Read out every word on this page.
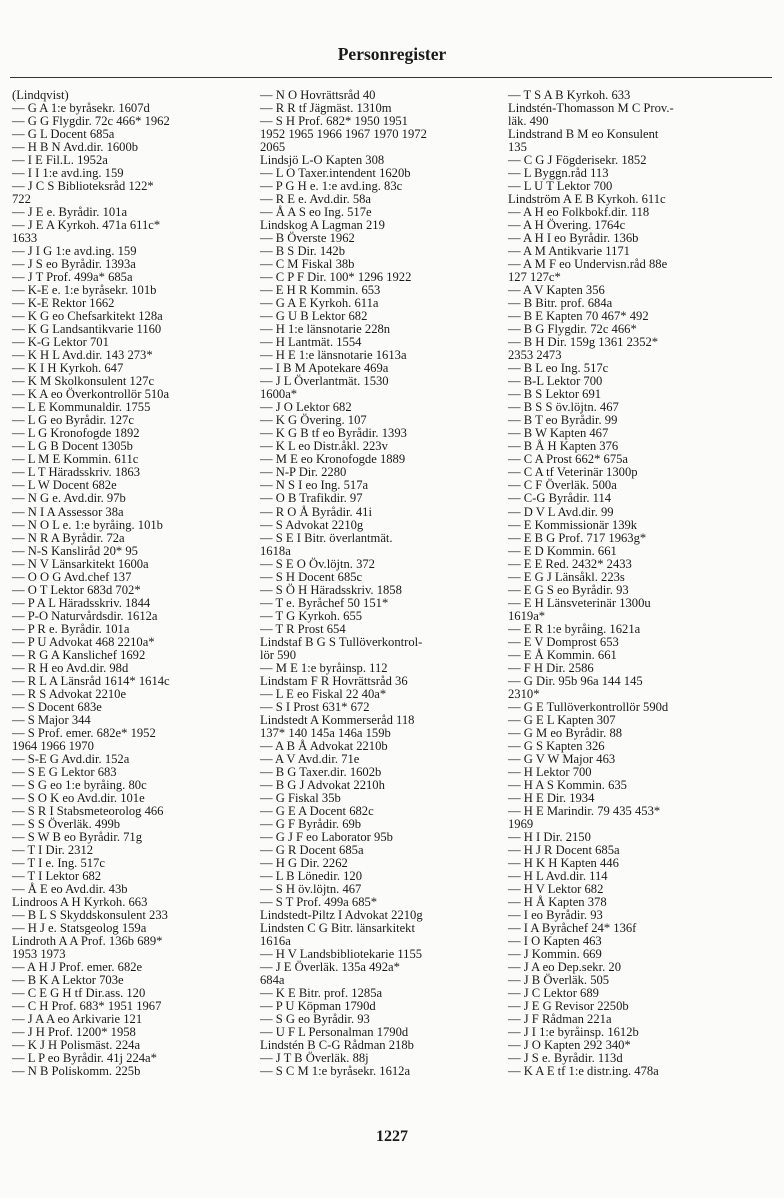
Personregister
(Lindqvist)
— G A 1:e byråsekr. 1607d
— G G Flygdir. 72c 466* 1962
— G L Docent 685a
— H B N Avd.dir. 1600b
— I E Fil.L. 1952a
— I I 1:e avd.ing. 159
— J C S Biblioteksråd 122*
722
— J E e. Byrådir. 101a
— J E A Kyrkoh. 471a 611c*
1633
— J I G 1:e avd.ing. 159
— J S eo Byrådir. 1393a
— J T Prof. 499a* 685a
— K-E e. 1:e byråsekr. 101b
— K-E Rektor 1662
— K G eo Chefsarkitekt 128a
— K G Landsantikvarie 1160
— K-G Lektor 701
— K H L Avd.dir. 143 273*
— K I H Kyrkoh. 647
— K M Skolkonsulent 127c
— K A eo Överkontrollör 510a
— L E Kommunaldir. 1755
— L G eo Byrådir. 127c
— L G Kronofogde 1892
— L G B Docent 1305b
— L M E Kommin. 611c
— L T Häradsskriv. 1863
— L W Docent 682e
— N G e. Avd.dir. 97b
— N I A Assessor 38a
— N O L e. 1:e byråing. 101b
— N R A Byrådir. 72a
— N-S Kansliråd 20* 95
— N V Länsarkitekt 1600a
— O O G Avd.chef 137
— O T Lektor 683d 702*
— P A L Häradsskriv. 1844
— P-O Naturvårdsdir. 1612a
— P R e. Byrådir. 101a
— P U Advokat 468 2210a*
— R G A Kanslichef 1692
— R H eo Avd.dir. 98d
— R L A Länsråd 1614* 1614c
— R S Advokat 2210e
— S Docent 683e
— S Major 344
— S Prof. emer. 682e* 1952
1964 1966 1970
— S-E G Avd.dir. 152a
— S E G Lektor 683
— S G eo 1:e byråing. 80c
— S O K eo Avd.dir. 101e
— S R I Stabsmeteorolog 466
— S S Överläk. 499b
— S W B eo Byrådir. 71g
— T I Dir. 2312
— T I e. Ing. 517c
— T I Lektor 682
— Å E eo Avd.dir. 43b
Lindroos A H Kyrkoh. 663
— B L S Skyddskonsulent 233
— H J e. Statsgeolog 159a
Lindroth A A Prof. 136b 689*
1953 1973
— A H J Prof. emer. 682e
— B K A Lektor 703e
— C E G H tf Dir.ass. 120
— C H Prof. 683* 1951 1967
— J A A eo Arkivarie 121
— J H Prof. 1200* 1958
— K J H Polismäst. 224a
— L P eo Byrådir. 41j 224a*
— N B Poliskomm. 225b
— N O Hovrättsråd 40
— R R tf Jägmäst. 1310m
— S H Prof. 682* 1950 1951
1952 1965 1966 1967 1970 1972
2065
Lindsjö L-O Kapten 308
— L O Taxer.intendent 1620b
— P G H e. 1:e avd.ing. 83c
— R E e. Avd.dir. 58a
— Å A S eo Ing. 517e
Lindskog A Lagman 219
— B Överste 1962
— B S Dir. 142b
— C M Fiskal 38b
— C P F Dir. 100* 1296 1922
— E H R Kommin. 653
— G A E Kyrkoh. 611a
— G U B Lektor 682
— H 1:e länsnotarie 228n
— H Lantmät. 1554
— H E 1:e länsnotarie 1613a
— I B M Apotekare 469a
— J L Överlantmät. 1530
1600a*
— J O Lektor 682
— K G Övering. 107
— K G B tf eo Byrådir. 1393
— K L eo Distr.åkl. 223v
— M E eo Kronofogde 1889
— N-P Dir. 2280
— N S I eo Ing. 517a
— O B Trafikdir. 97
— R O Å Byrådir. 41i
— S Advokat 2210g
— S E I Bitr. överlantmät.
1618a
— S E O Öv.löjtn. 372
— S H Docent 685c
— S Ö H Häradsskriv. 1858
— T e. Byråchef 50 151*
— T G Kyrkoh. 655
— T R Prost 654
Lindstaf B G S Tullöverkontrol-
lör 590
— M E 1:e byråinsp. 112
Lindstam F R Hovrättsråd 36
— L E eo Fiskal 22 40a*
— S I Prost 631* 672
Lindstedt A Kommerseråd 118
137* 140 145a 146a 159b
— A B Å Advokat 2210b
— A V Avd.dir. 71e
— B G Taxer.dir. 1602b
— B G J Advokat 2210h
— G Fiskal 35b
— G E A Docent 682c
— G F Byrådir. 69b
— G J F eo Laborator 95b
— G R Docent 685a
— H G Dir. 2262
— L B Lönedir. 120
— S H öv.löjtn. 467
— S T Prof. 499a 685*
Lindstedt-Piltz I Advokat 2210g
Lindsten C G Bitr. länsarkitekt
1616a
— H V Landsbibliotekarie 1155
— J E Överläk. 135a 492a*
684a
— K E Bitr. prof. 1285a
— P U Köpman 1790d
— S G eo Byrådir. 93
— U F L Personalman 1790d
Lindstén B C-G Rådman 218b
— J T B Överläk. 88j
— S C M 1:e byråsekr. 1612a
— T S A B Kyrkoh. 633
Lindstén-Thomasson M C Prov.-
läk. 490
Lindstrand B M eo Konsulent
135
— C G J Fögderisekr. 1852
— L Byggn.råd 113
— L U T Lektor 700
Lindström A E B Kyrkoh. 611c
— A H eo Folkbokf.dir. 118
— A H Övering. 1764c
— A H I eo Byrådir. 136b
— A M Antikvarie 1171
— A M F eo Undervisn.råd 88e
127 127c*
— A V Kapten 356
— B Bitr. prof. 684a
— B E Kapten 70 467* 492
— B G Flygdir. 72c 466*
— B H Dir. 159g 1361 2352*
2353 2473
— B L eo Ing. 517c
— B-L Lektor 700
— B S Lektor 691
— B S S öv.löjtn. 467
— B T eo Byrådir. 99
— B W Kapten 467
— B Å H Kapten 376
— C A Prost 662* 675a
— C A tf Veterinär 1300p
— C F Överläk. 500a
— C-G Byrådir. 114
— D V L Avd.dir. 99
— E Kommissionär 139k
— E B G Prof. 717 1963g*
— E D Kommin. 661
— E E Red. 2432* 2433
— E G J Länsåkl. 223s
— E G S eo Byrådir. 93
— E H Länsveterinär 1300u
1619a*
— E R 1:e byråing. 1621a
— E V Domprost 653
— E Å Kommin. 661
— F H Dir. 2586
— G Dir. 95b 96a 144 145
2310*
— G E Tullöverkontrollör 590d
— G E L Kapten 307
— G M eo Byrådir. 88
— G S Kapten 326
— G V W Major 463
— H Lektor 700
— H A S Kommin. 635
— H E Dir. 1934
— H E Marindir. 79 435 453*
1969
— H I Dir. 2150
— H J R Docent 685a
— H K H Kapten 446
— H L Avd.dir. 114
— H V Lektor 682
— H Å Kapten 378
— I eo Byrådir. 93
— I A Byråchef 24* 136f
— I O Kapten 463
— J Kommin. 669
— J A eo Dep.sekr. 20
— J B Överläk. 505
— J C Lektor 689
— J E G Revisor 2250b
— J F Rådman 221a
— J I 1:e byråinsp. 1612b
— J O Kapten 292 340*
— J S e. Byrådir. 113d
— K A E tf 1:e distr.ing. 478a
1227
